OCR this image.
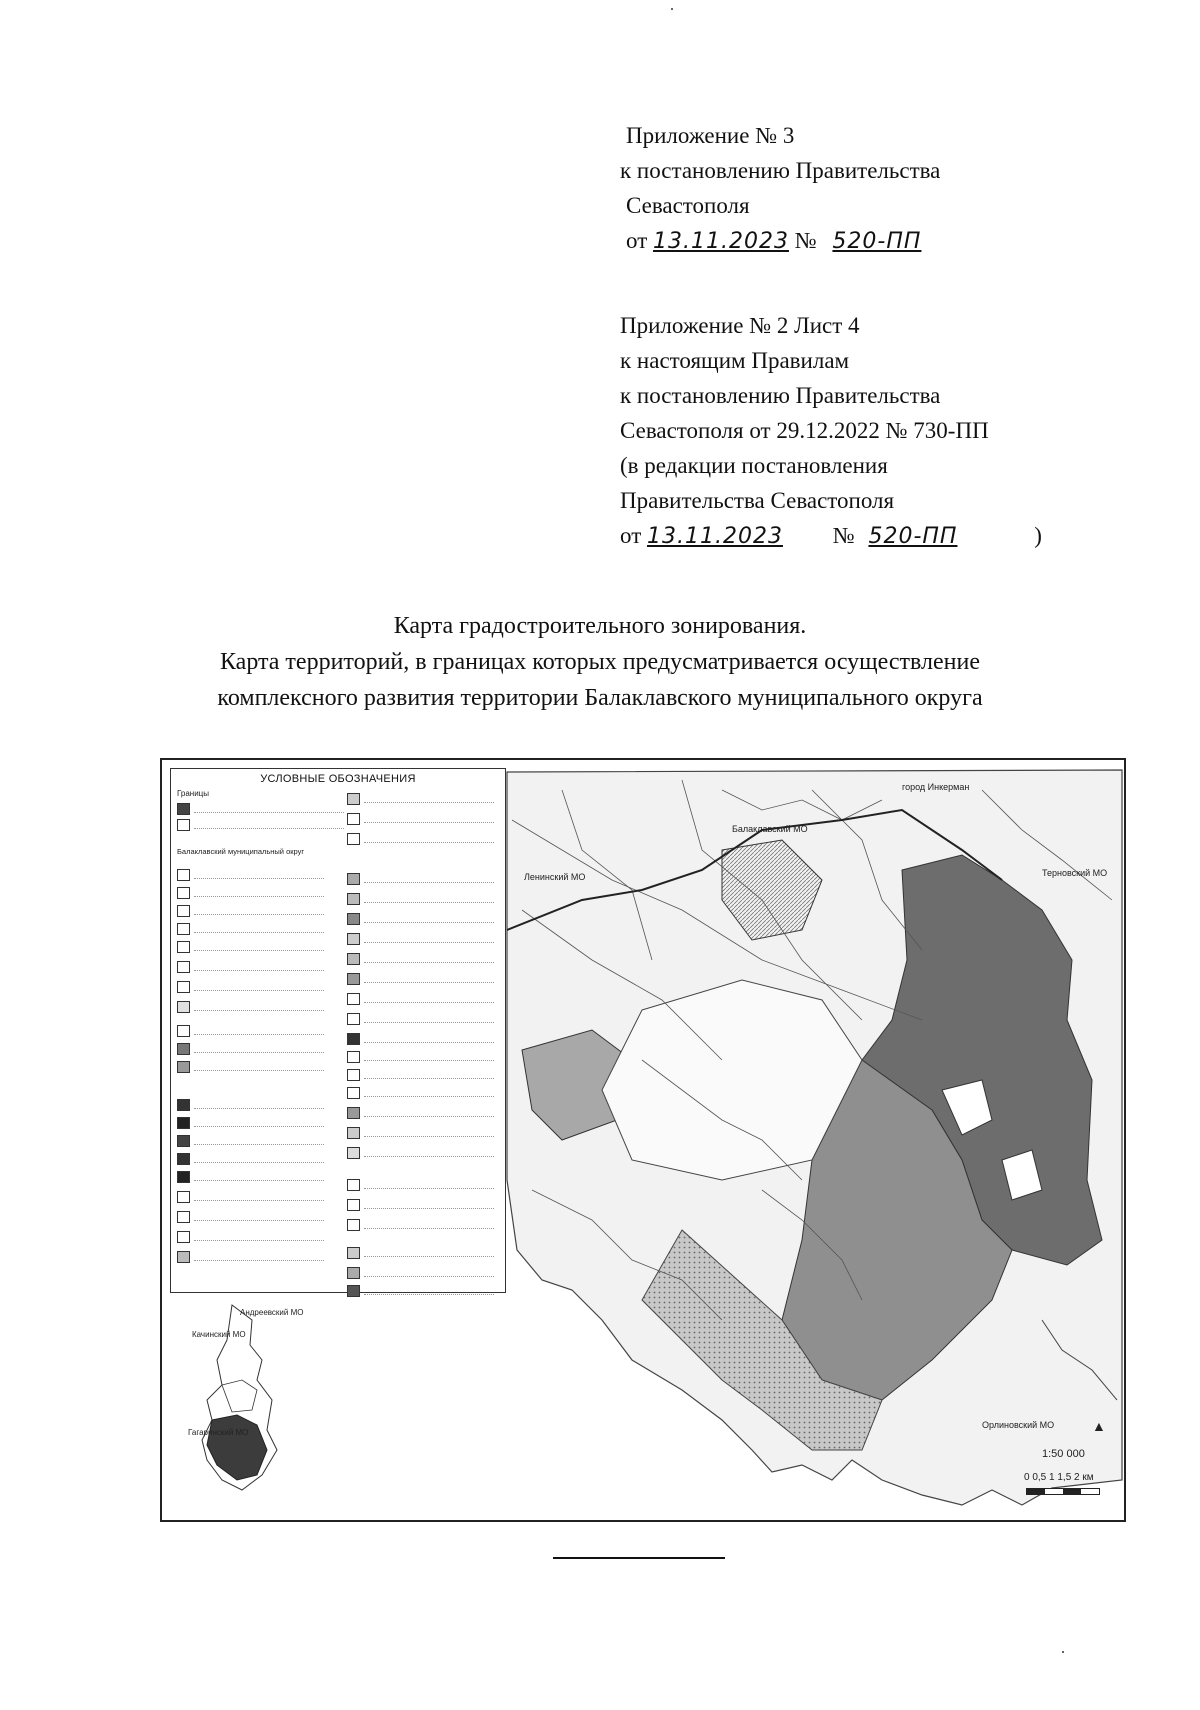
Приложение № 3
к постановлению Правительства
Севастополя
от 13.11.2023 № 520-ПП
Приложение № 2 Лист 4
к настоящим Правилам
к постановлению Правительства
Севастополя от 29.12.2022 № 730-ПП
(в редакции постановления
Правительства Севастополя
от 13.11.2023 № 520-ПП	)
Карта градостроительного зонирования.
Карта территорий, в границах которых предусматривается осуществление
комплексного развития территории Балаклавского муниципального округа
УСЛОВНЫЕ ОБОЗНАЧЕНИЯ
Границы
Балаклавский муниципальный округ

1:50 000
0 0,5 1 1,5 2 км
▲
Ленинский МО
Балаклавский МО
Терновский МО
город Инкерман
Орлиновский МО
Андреевский МО
Качинский МО
Гагаринский МО
